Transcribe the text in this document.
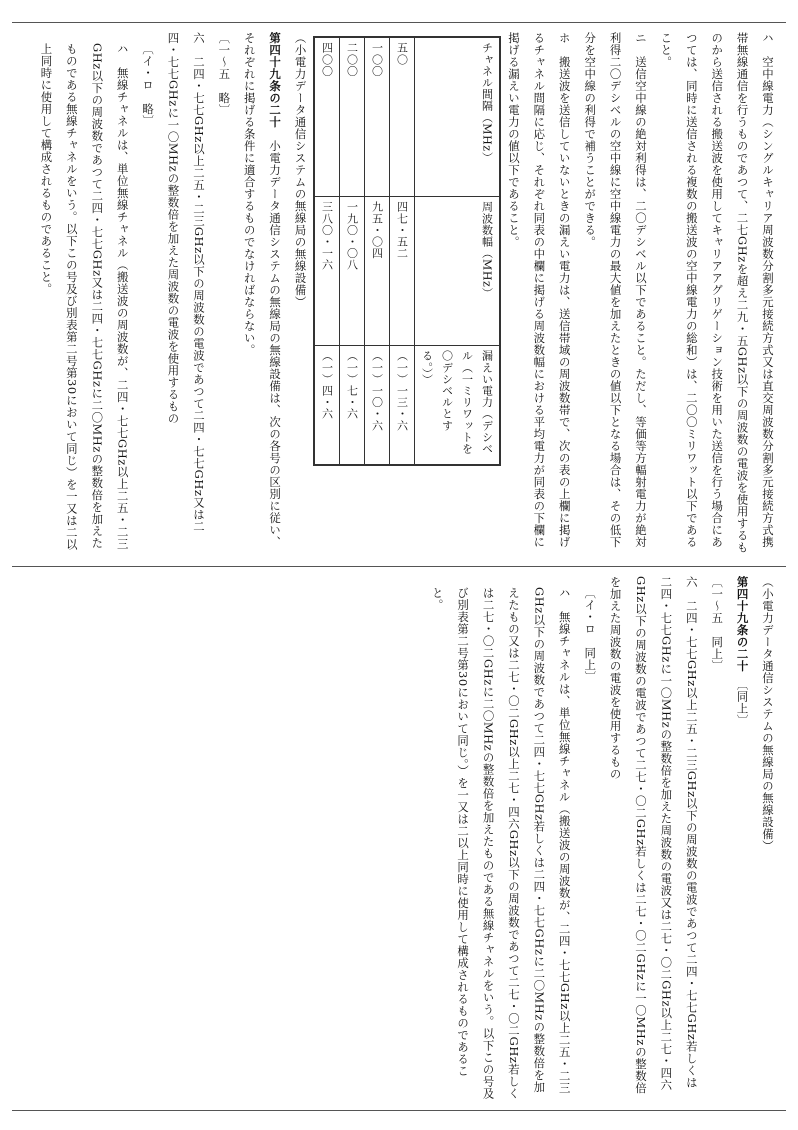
ハ　空中線電力（シングルキャリア周波数分割多元接続方式又は直交周波数分割多元接続方式携帯無線通信を行うものであつて、二七GHzを超え二九・五GHz以下の周波数の電波を使用するものから送信される搬送波を使用してキャリアアグリゲーション技術を用いた送信を行う場合にあつては、同時に送信される複数の搬送波の空中線電力の総和）は、二〇〇ミリワット以下であること。

ニ　送信空中線の絶対利得は、二〇デシベル以下であること。ただし、等価等方輻射電力が絶対利得二〇デシベルの空中線に空中線電力の最大値を加えたときの値以下となる場合は、その低下分を空中線の利得で補うことができる。

ホ　搬送波を送信していないときの漏えい電力は、送信帯域の周波数帯で、次の表の上欄に掲げるチャネル間隔に応じ、それぞれ同表の中欄に掲げる周波数幅における平均電力が同表の下欄に掲げる漏えい電力の値以下であること。

チャネル間隔（MHz）	周波数幅（MHz）	漏えい電力（デシベル（一ミリワットを〇デシベルとする。））
五〇	四七・五二	（一）一三・六
一〇〇	九五・〇四	（一）一〇・六
二〇〇	一九〇・〇八	（一）七・六
四〇〇	三八〇・一六	（一）四・六

（小電力データ通信システムの無線局の無線設備）

第四十九条の二十　小電力データ通信システムの無線局の無線設備は、次の各号の区別に従い、それぞれに掲げる条件に適合するものでなければならない。

〔一～五　略〕

六　二四・七七GHz以上二五・二三GHz以下の周波数の電波であつて二四・七七GHz又は二四・七七GHzに一〇MHzの整数倍を加えた周波数の電波を使用するもの

〔イ・ロ　略〕

ハ　無線チャネルは、単位無線チャネル（搬送波の周波数が、二四・七七GHz以上二五・二三GHz以下の周波数であつて二四・七七GHz又は二四・七七GHzに二〇MHzの整数倍を加えたものである無線チャネルをいう。以下この号及び別表第二号第30において同じ）を一又は二以上同時に使用して構成されるものであること。

（小電力データ通信システムの無線局の無線設備）

第四十九条の二十　〔同上〕

〔一～五　同上〕

六　二四・七七GHz以上二五・二三GHz以下の周波数の電波であつて二四・七七GHz若しくは二四・七七GHzに一〇MHzの整数倍を加えた周波数の電波又は二七・〇二GHz以上二七・四六GHz以下の周波数の電波であつて二七・〇二GHz若しくは二七・〇二GHzに一〇MHzの整数倍を加えた周波数の電波を使用するもの

〔イ・ロ　同上〕

ハ　無線チャネルは、単位無線チャネル（搬送波の周波数が、二四・七七GHz以上二五・二三GHz以下の周波数であつて二四・七七GHz若しくは二四・七七GHzに二〇MHzの整数倍を加えたもの又は二七・〇二GHz以上二七・四六GHz以下の周波数であつて二七・〇二GHz若しくは二七・〇二GHzに二〇MHzの整数倍を加えたものである無線チャネルをいう。以下この号及び別表第二号第30において同じ。）を一又は二以上同時に使用して構成されるものであること。
